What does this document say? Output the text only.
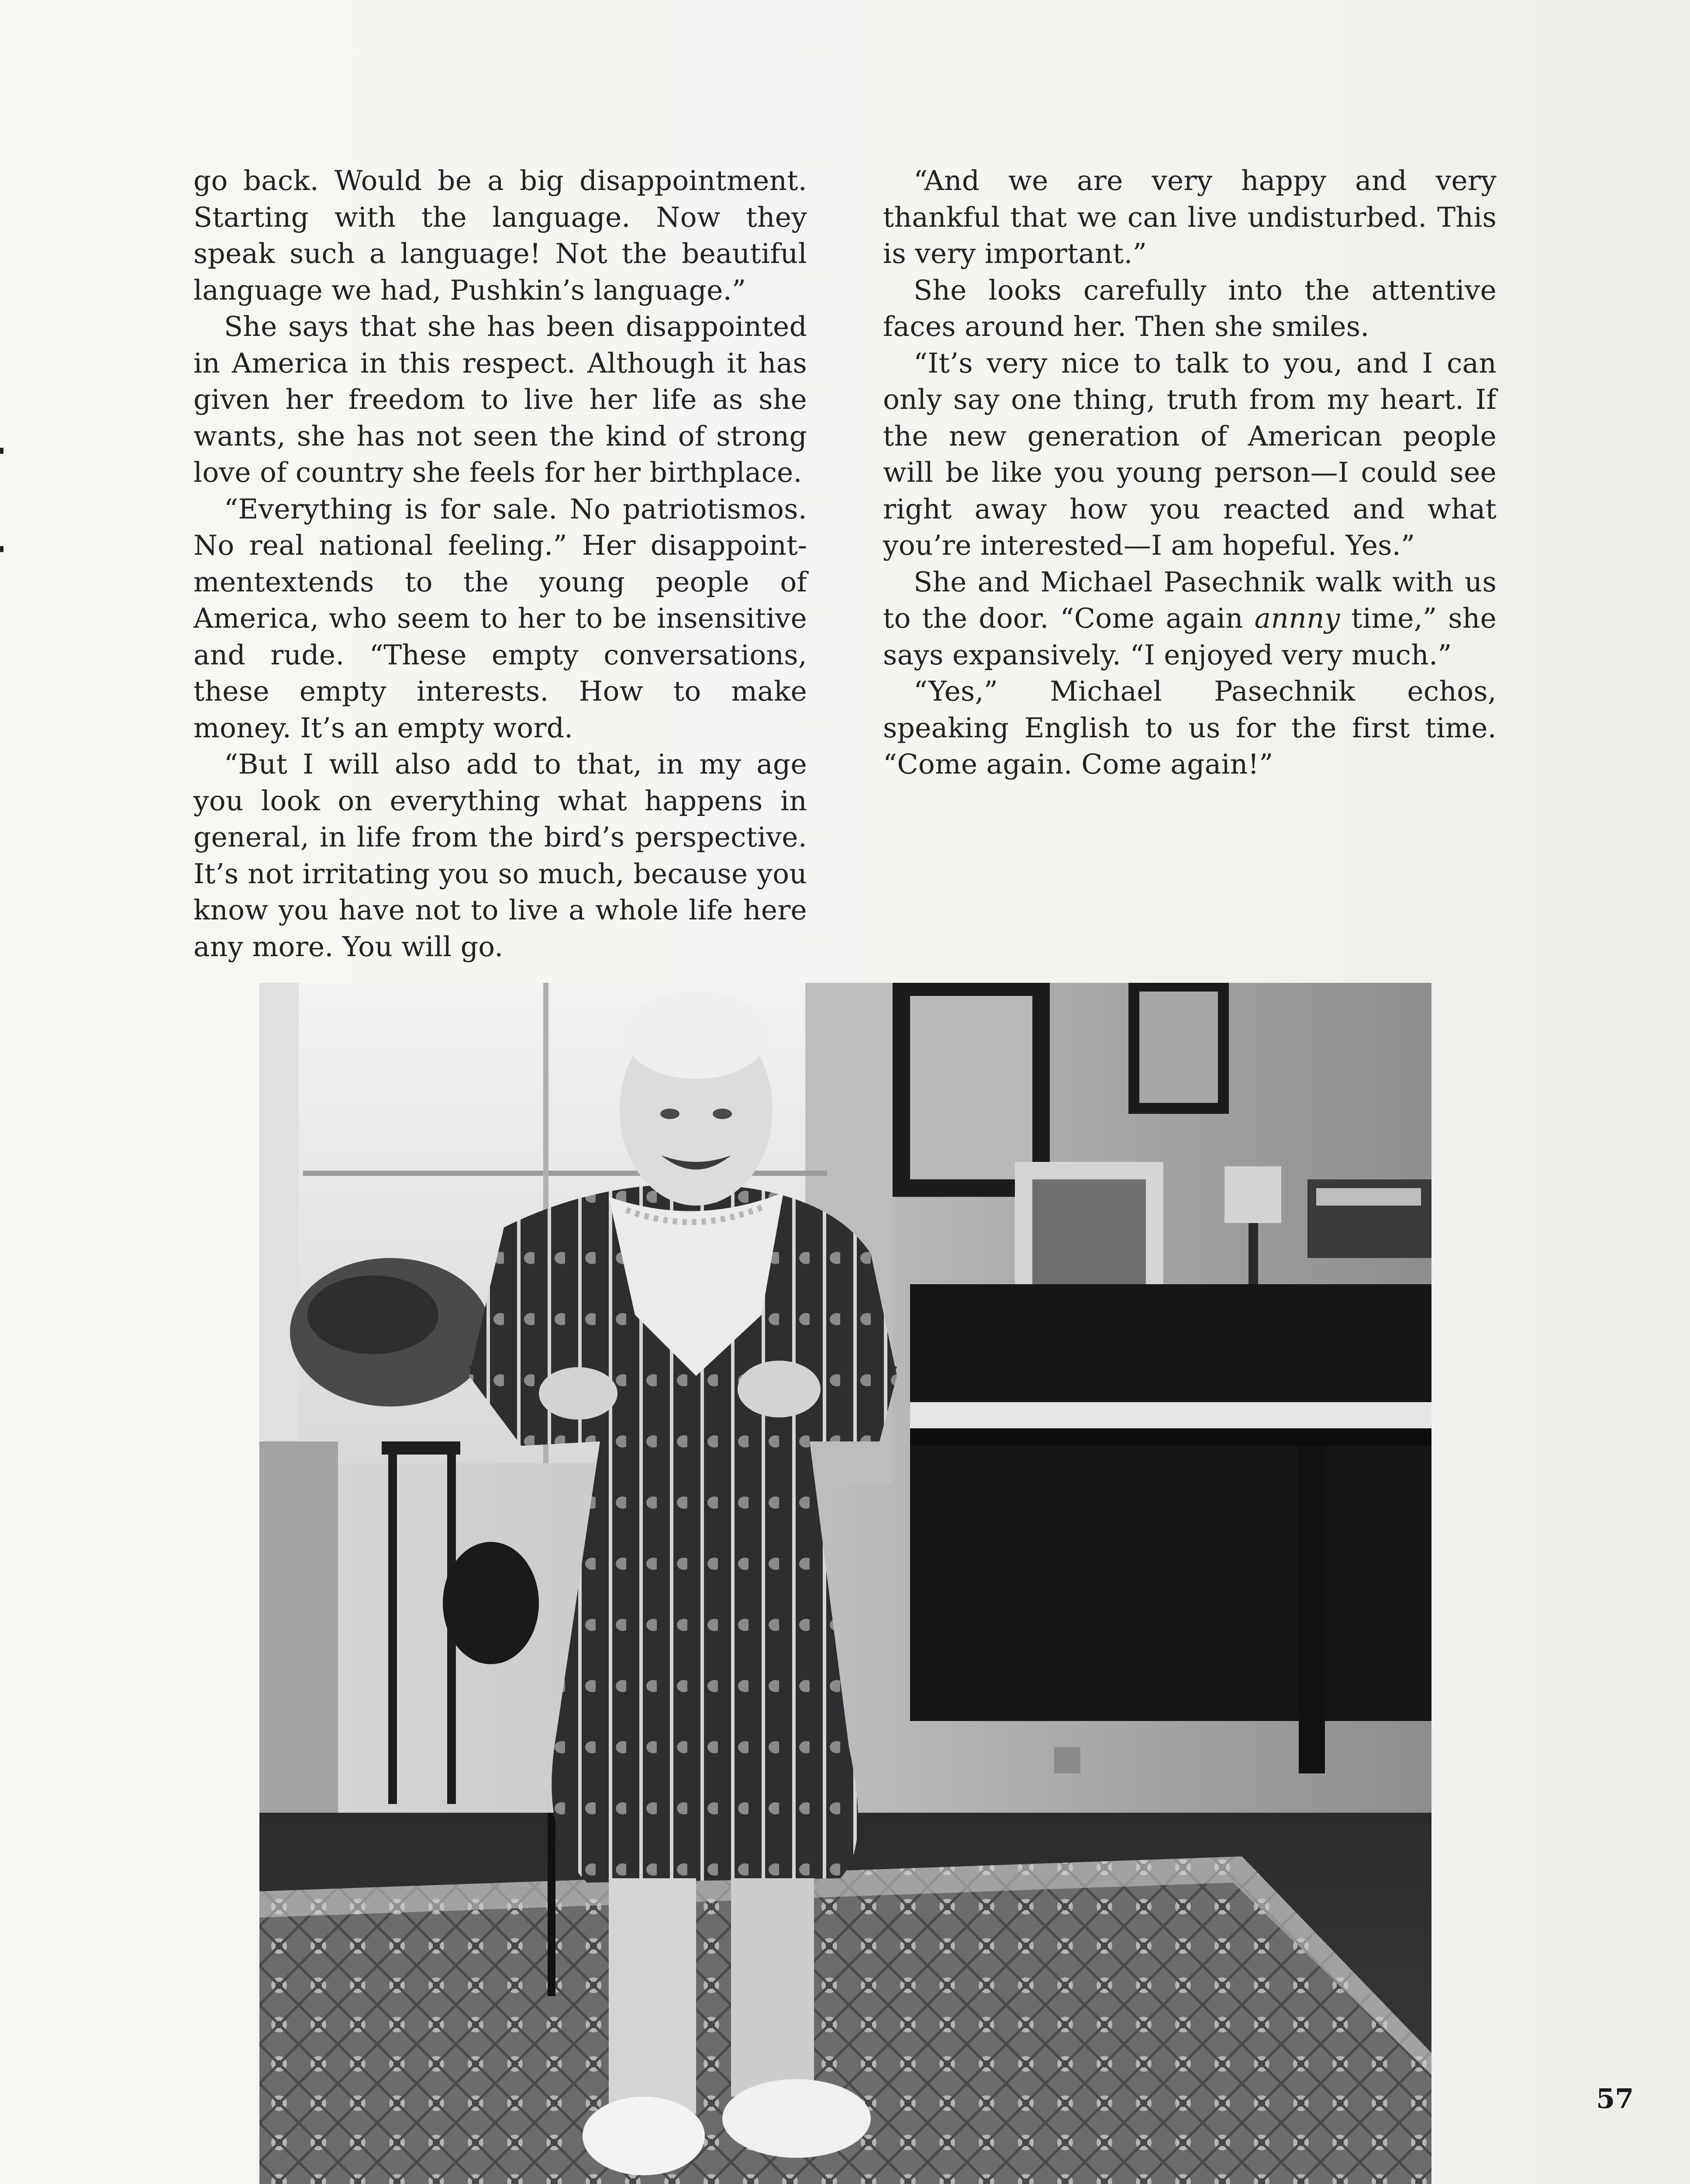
go back. Would be a big disappointment. Starting with the language. Now they speak such a language! Not the beautiful language we had, Pushkin’s language.”

She says that she has been disappointed in America in this respect. Although it has given her freedom to live her life as she wants, she has not seen the kind of strong love of country she feels for her birthplace.

“Everything is for sale. No patriotismos. No real national feeling.” Her disappointmentextends to the young people of America, who seem to her to be insensitive and rude. “These empty conversations, these empty interests. How to make money. It’s an empty word.

“But I will also add to that, in my age you look on everything what happens in general, in life from the bird’s perspective. It’s not irritating you so much, because you know you have not to live a whole life here any more. You will go.

“And we are very happy and very thankful that we can live undisturbed. This is very important.”

She looks carefully into the attentive faces around her. Then she smiles.

“It’s very nice to talk to you, and I can only say one thing, truth from my heart. If the new generation of American people will be like you young person—I could see right away how you reacted and what you’re interested—I am hopeful. Yes.”

She and Michael Pasechnik walk with us to the door. “Come again annny time,” she says expansively. “I enjoyed very much.”

“Yes,” Michael Pasechnik echos, speaking English to us for the first time. “Come again. Come again!”

57
